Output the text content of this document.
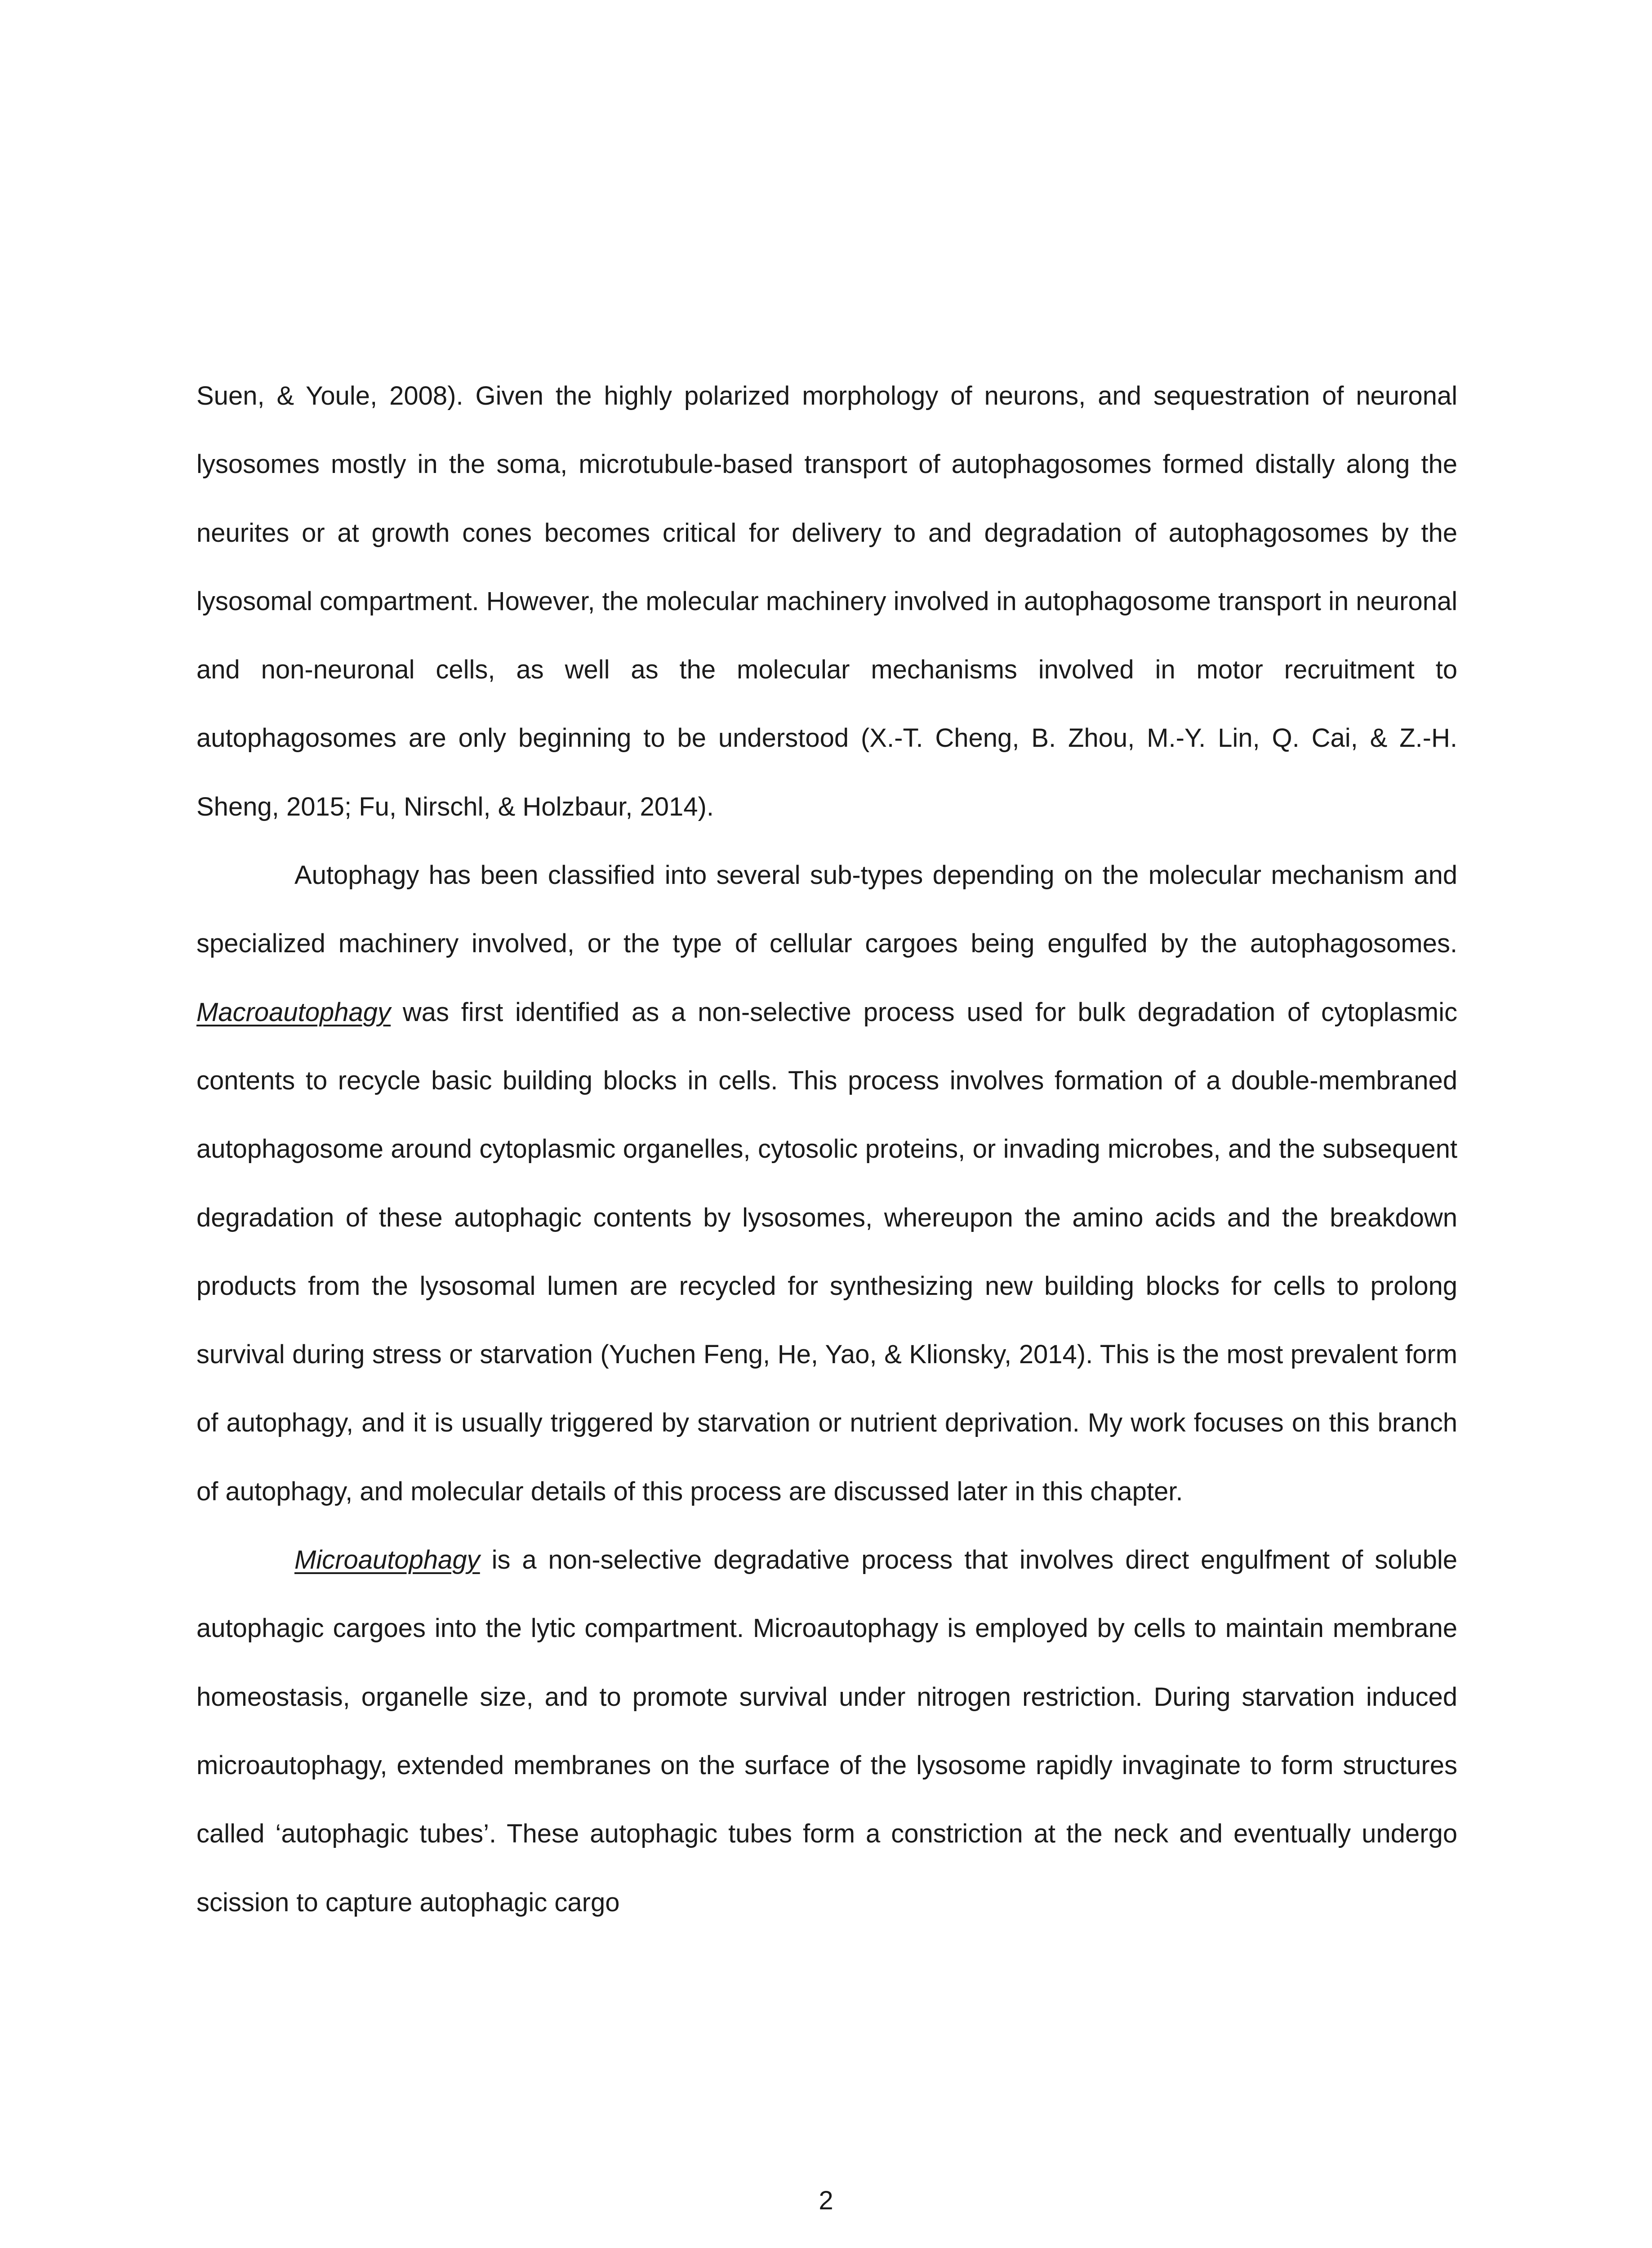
Suen, & Youle, 2008). Given the highly polarized morphology of neurons, and sequestration of neuronal lysosomes mostly in the soma, microtubule-based transport of autophagosomes formed distally along the neurites or at growth cones becomes critical for delivery to and degradation of autophagosomes by the lysosomal compartment. However, the molecular machinery involved in autophagosome transport in neuronal and non-neuronal cells, as well as the molecular mechanisms involved in motor recruitment to autophagosomes are only beginning to be understood (X.-T. Cheng, B. Zhou, M.-Y. Lin, Q. Cai, & Z.-H. Sheng, 2015; Fu, Nirschl, & Holzbaur, 2014).

Autophagy has been classified into several sub-types depending on the molecular mechanism and specialized machinery involved, or the type of cellular cargoes being engulfed by the autophagosomes. Macroautophagy was first identified as a non-selective process used for bulk degradation of cytoplasmic contents to recycle basic building blocks in cells. This process involves formation of a double-membraned autophagosome around cytoplasmic organelles, cytosolic proteins, or invading microbes, and the subsequent degradation of these autophagic contents by lysosomes, whereupon the amino acids and the breakdown products from the lysosomal lumen are recycled for synthesizing new building blocks for cells to prolong survival during stress or starvation (Yuchen Feng, He, Yao, & Klionsky, 2014). This is the most prevalent form of autophagy, and it is usually triggered by starvation or nutrient deprivation. My work focuses on this branch of autophagy, and molecular details of this process are discussed later in this chapter.

Microautophagy is a non-selective degradative process that involves direct engulfment of soluble autophagic cargoes into the lytic compartment. Microautophagy is employed by cells to maintain membrane homeostasis, organelle size, and to promote survival under nitrogen restriction. During starvation induced microautophagy, extended membranes on the surface of the lysosome rapidly invaginate to form structures called ‘autophagic tubes’. These autophagic tubes form a constriction at the neck and eventually undergo scission to capture autophagic cargo

2
